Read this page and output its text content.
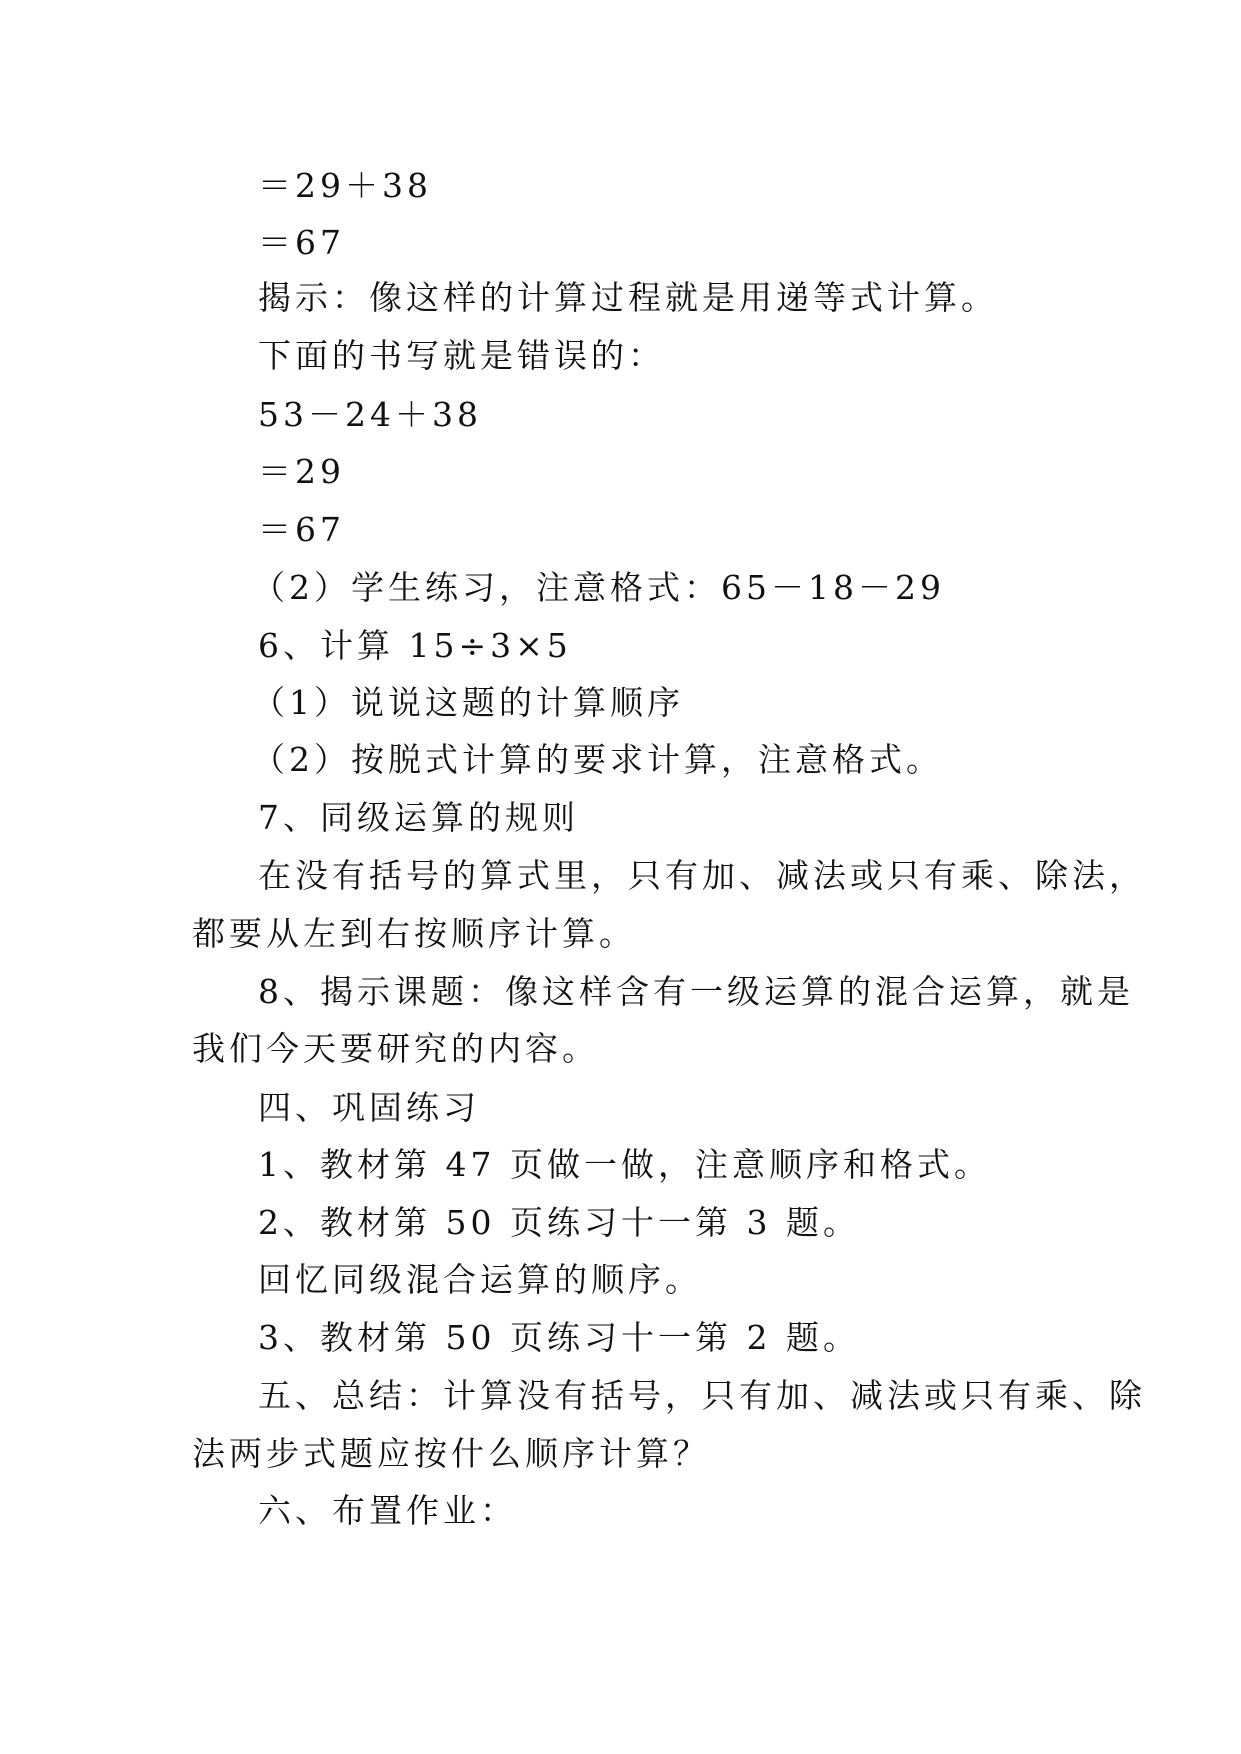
＝29＋38
＝67
揭示：像这样的计算过程就是用递等式计算。
下面的书写就是错误的：
53－24＋38
＝29
＝67
（2）学生练习，注意格式：65－18－29
6、计算 15÷3×5
（1）说说这题的计算顺序
（2）按脱式计算的要求计算，注意格式。
7、同级运算的规则
在没有括号的算式里，只有加、减法或只有乘、除法，
都要从左到右按顺序计算。
8、揭示课题：像这样含有一级运算的混合运算，就是
我们今天要研究的内容。
四、巩固练习
1、教材第 47 页做一做，注意顺序和格式。
2、教材第 50 页练习十一第 3 题。
回忆同级混合运算的顺序。
3、教材第 50 页练习十一第 2 题。
五、总结：计算没有括号，只有加、减法或只有乘、除
法两步式题应按什么顺序计算？
六、布置作业：
